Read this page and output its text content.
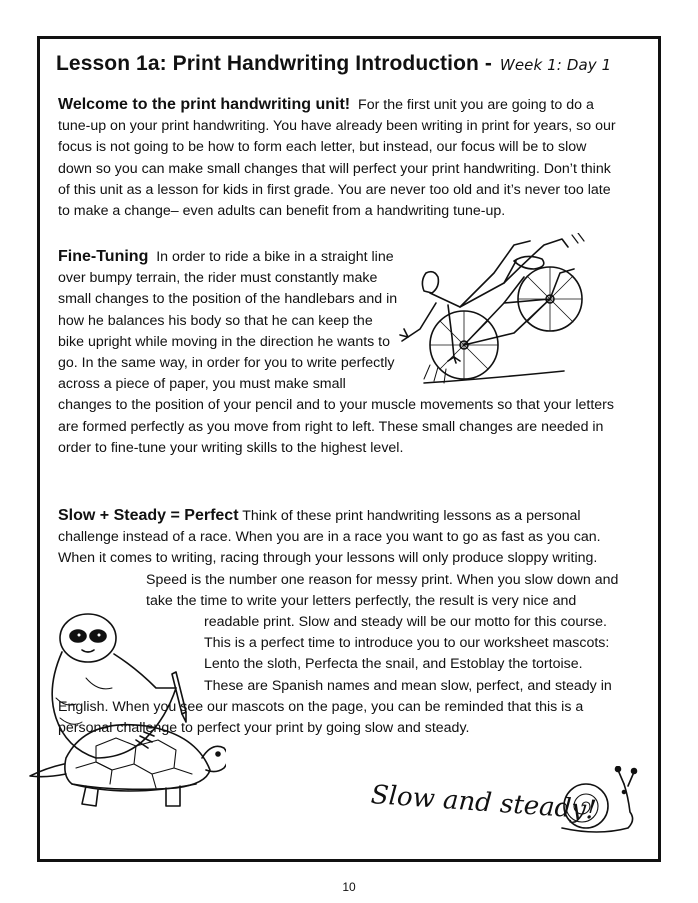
Lesson 1a: Print Handwriting Introduction - Week 1: Day 1

Welcome to the print handwriting unit! For the first unit you are going to do a tune-up on your print handwriting. You have already been writing in print for years, so our focus is not going to be how to form each letter, but instead, our focus will be to slow down so you can make small changes that will perfect your print handwriting. Don’t think of this unit as a lesson for kids in first grade. You are never too old and it’s never too late to make a change– even adults can benefit from a handwriting tune-up.

Fine-Tuning In order to ride a bike in a straight line over bumpy terrain, the rider must constantly make small changes to the position of the handlebars and in how he balances his body so that he can keep the bike upright while moving in the direction he wants to go. In the same way, in order for you to write perfectly across a piece of paper, you must make small changes to the position of your pencil and to your muscle movements so that your letters are formed perfectly as you move from right to left. These small changes are needed in order to fine-tune your writing skills to the highest level.
Slow + Steady = Perfect Think of these print handwriting lessons as a personal challenge instead of a race. When you are in a race you want to go as fast as you can. When it comes to writing, racing through your lessons will only produce sloppy writing. Speed is the number one reason for messy print. When you slow down and take the time to write your letters perfectly, the result is very nice and readable print. Slow and steady will be our motto for this course. This is a perfect time to introduce you to our worksheet mascots: Lento the sloth, Perfecta the snail, and Estoblay the tortoise. These are Spanish names and mean slow, perfect, and steady in English. When you see our mascots on the page, you can be reminded that this is a personal challenge to perfect your print by going slow and steady.
Slow and steady!
10
